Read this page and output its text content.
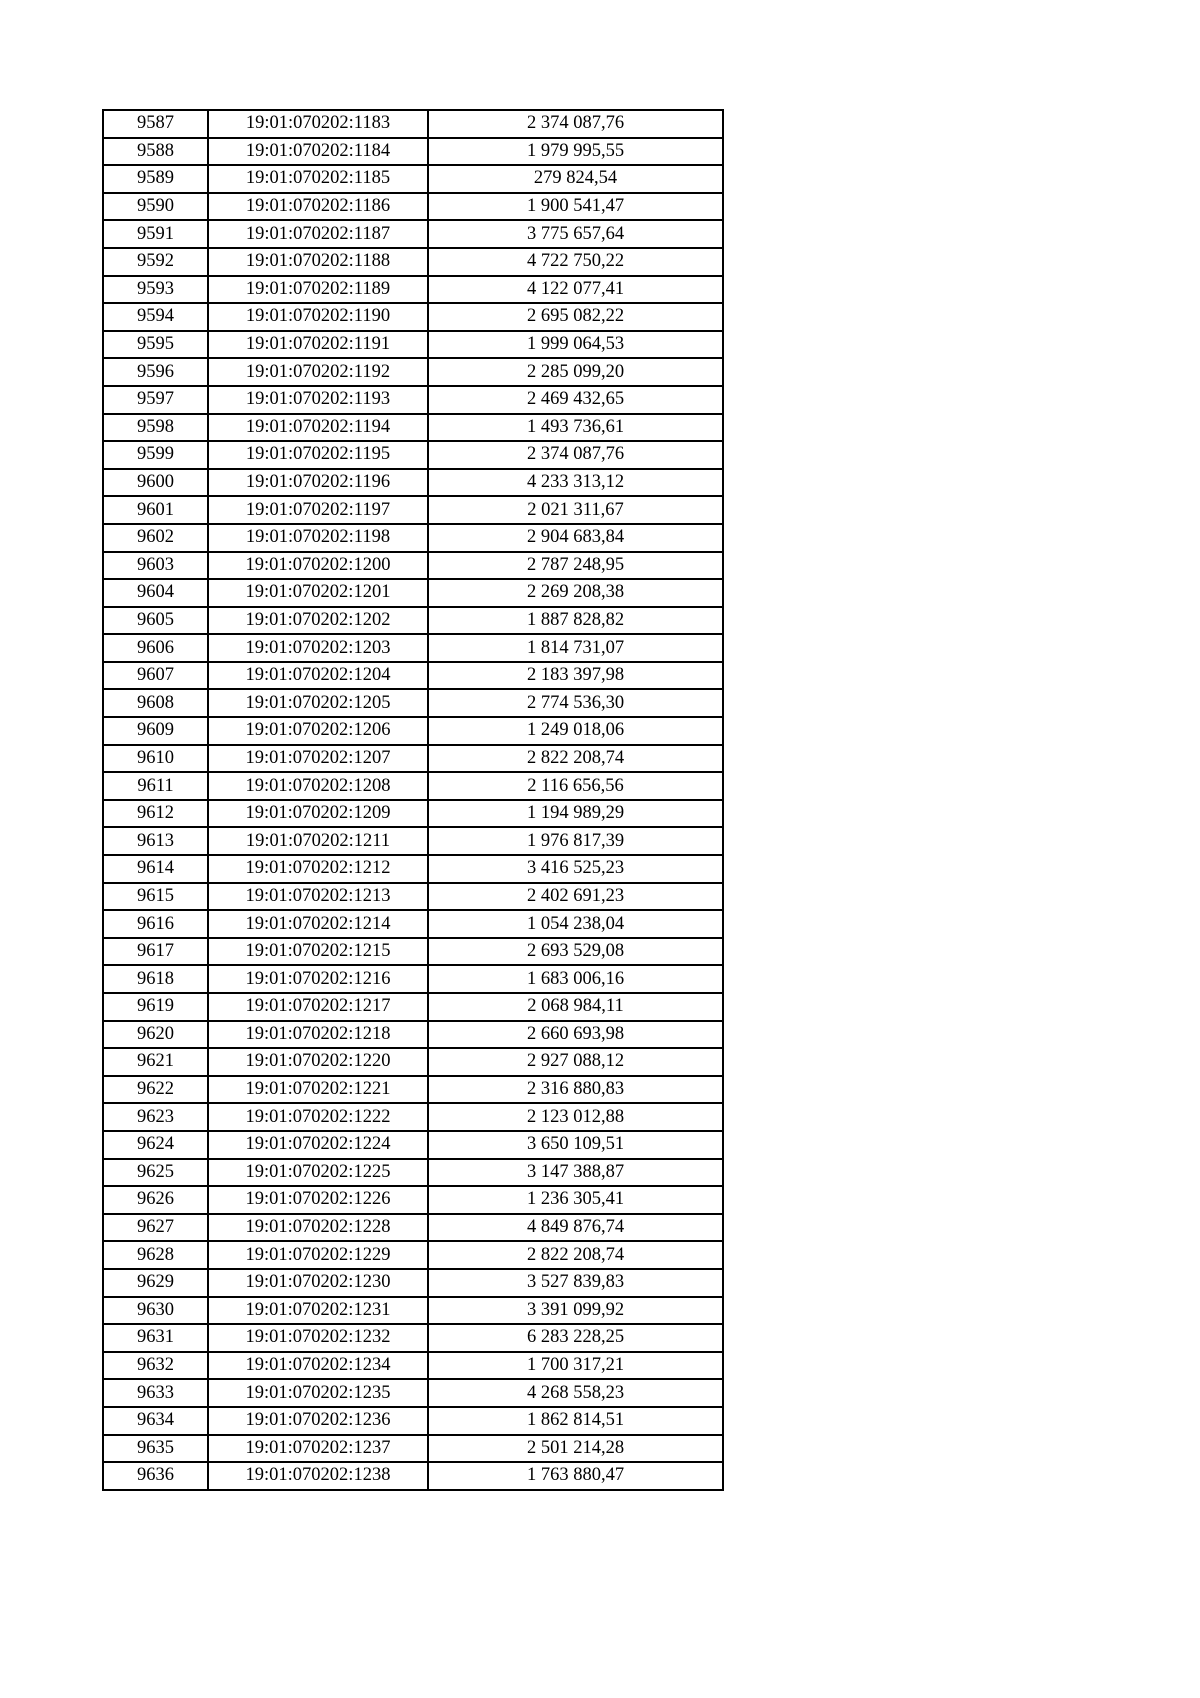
9587	19:01:070202:1183	2 374 087,76
9588	19:01:070202:1184	1 979 995,55
9589	19:01:070202:1185	279 824,54
9590	19:01:070202:1186	1 900 541,47
9591	19:01:070202:1187	3 775 657,64
9592	19:01:070202:1188	4 722 750,22
9593	19:01:070202:1189	4 122 077,41
9594	19:01:070202:1190	2 695 082,22
9595	19:01:070202:1191	1 999 064,53
9596	19:01:070202:1192	2 285 099,20
9597	19:01:070202:1193	2 469 432,65
9598	19:01:070202:1194	1 493 736,61
9599	19:01:070202:1195	2 374 087,76
9600	19:01:070202:1196	4 233 313,12
9601	19:01:070202:1197	2 021 311,67
9602	19:01:070202:1198	2 904 683,84
9603	19:01:070202:1200	2 787 248,95
9604	19:01:070202:1201	2 269 208,38
9605	19:01:070202:1202	1 887 828,82
9606	19:01:070202:1203	1 814 731,07
9607	19:01:070202:1204	2 183 397,98
9608	19:01:070202:1205	2 774 536,30
9609	19:01:070202:1206	1 249 018,06
9610	19:01:070202:1207	2 822 208,74
9611	19:01:070202:1208	2 116 656,56
9612	19:01:070202:1209	1 194 989,29
9613	19:01:070202:1211	1 976 817,39
9614	19:01:070202:1212	3 416 525,23
9615	19:01:070202:1213	2 402 691,23
9616	19:01:070202:1214	1 054 238,04
9617	19:01:070202:1215	2 693 529,08
9618	19:01:070202:1216	1 683 006,16
9619	19:01:070202:1217	2 068 984,11
9620	19:01:070202:1218	2 660 693,98
9621	19:01:070202:1220	2 927 088,12
9622	19:01:070202:1221	2 316 880,83
9623	19:01:070202:1222	2 123 012,88
9624	19:01:070202:1224	3 650 109,51
9625	19:01:070202:1225	3 147 388,87
9626	19:01:070202:1226	1 236 305,41
9627	19:01:070202:1228	4 849 876,74
9628	19:01:070202:1229	2 822 208,74
9629	19:01:070202:1230	3 527 839,83
9630	19:01:070202:1231	3 391 099,92
9631	19:01:070202:1232	6 283 228,25
9632	19:01:070202:1234	1 700 317,21
9633	19:01:070202:1235	4 268 558,23
9634	19:01:070202:1236	1 862 814,51
9635	19:01:070202:1237	2 501 214,28
9636	19:01:070202:1238	1 763 880,47
